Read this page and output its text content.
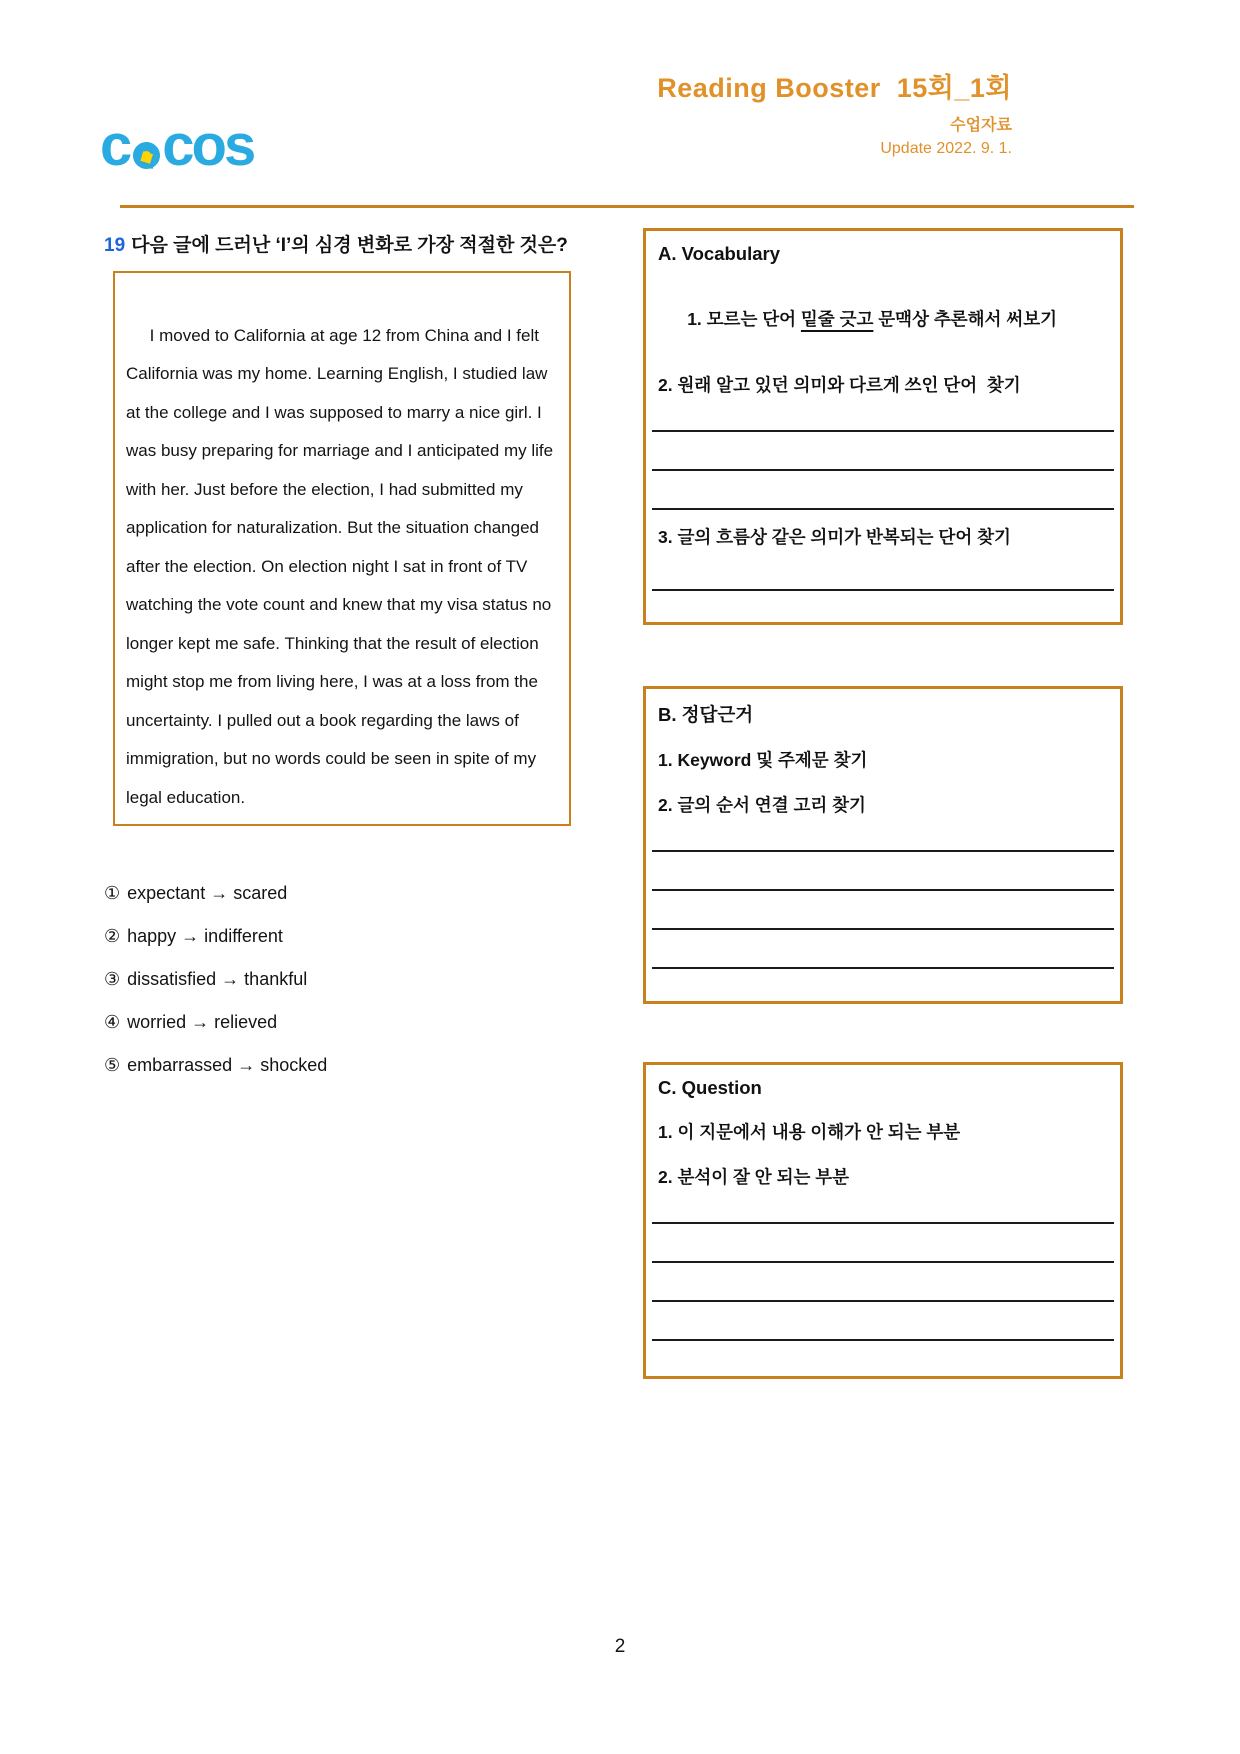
Reading Booster  15회_1회
수업자료
Update 2022. 9. 1.
c cos
19 다음 글에 드러난 ‘I’의 심경 변화로 가장 적절한 것은?

I moved to California at age 12 from China and I felt California was my home. Learning English, I studied law at the college and I was supposed to marry a nice girl. I was busy preparing for marriage and I anticipated my life with her. Just before the election, I had submitted my application for naturalization. But the situation changed after the election. On election night I sat in front of TV watching the vote count and knew that my visa status no longer kept me safe. Thinking that the result of election might stop me from living here, I was at a loss from the uncertainty. I pulled out a book regarding the laws of immigration, but no words could be seen in spite of my legal education.

① expectant → scared
② happy → indifferent
③ dissatisfied → thankful
④ worried → relieved
⑤ embarrassed → shocked
A. Vocabulary

1. 모르는 단어 밑줄 긋고 문맥상 추론해서 써보기

2. 원래 알고 있던 의미와 다르게 쓰인 단어  찾기
3. 글의 흐름상 같은 의미가 반복되는 단어 찾기
B. 정답근거
1. Keyword 및 주제문 찾기
2. 글의 순서 연결 고리 찾기
C. Question
1. 이 지문에서 내용 이해가 안 되는 부분
2. 분석이 잘 안 되는 부분
2
